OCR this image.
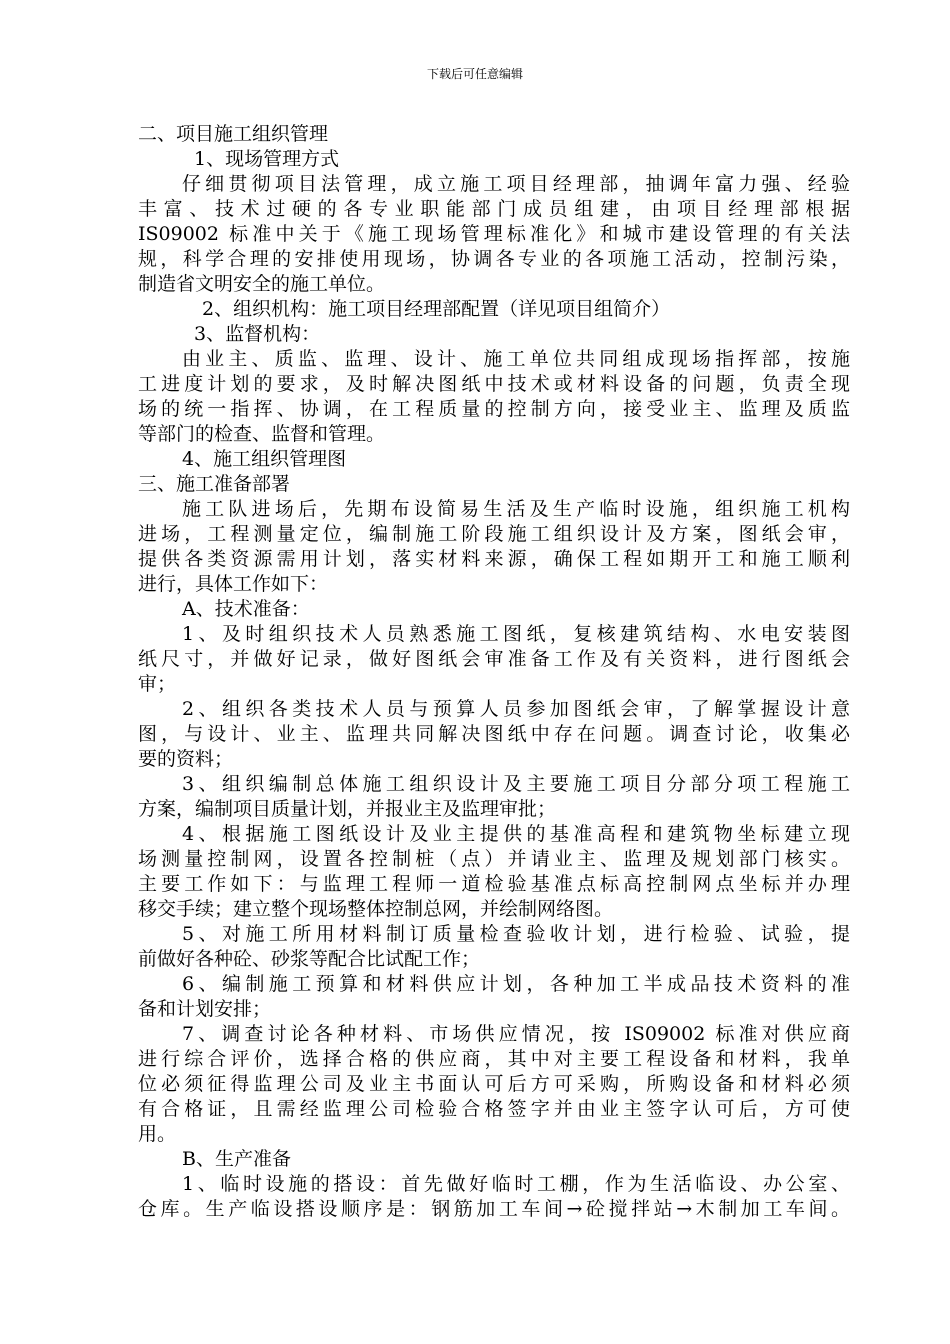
下载后可任意编辑
二、项目施工组织管理
1、现场管理方式
仔细贯彻项目法管理，成立施工项目经理部，抽调年富力强、经验
丰富、技术过硬的各专业职能部门成员组建，由项目经理部根据
IS09002 标准中关于《施工现场管理标准化》和城市建设管理的有关法
规，科学合理的安排使用现场，协调各专业的各项施工活动，控制污染，
制造省文明安全的施工单位。
2、组织机构：施工项目经理部配置（详见项目组简介）
3、监督机构：
由业主、质监、监理、设计、施工单位共同组成现场指挥部，按施
工进度计划的要求，及时解决图纸中技术或材料设备的问题，负责全现
场的统一指挥、协调，在工程质量的控制方向，接受业主、监理及质监
等部门的检查、监督和管理。
4、施工组织管理图
三、施工准备部署
施工队进场后，先期布设简易生活及生产临时设施，组织施工机构
进场，工程测量定位，编制施工阶段施工组织设计及方案，图纸会审，
提供各类资源需用计划，落实材料来源，确保工程如期开工和施工顺利
进行，具体工作如下：
A、技术准备：
1、及时组织技术人员熟悉施工图纸，复核建筑结构、水电安装图
纸尺寸，并做好记录，做好图纸会审准备工作及有关资料，进行图纸会
审；
2、组织各类技术人员与预算人员参加图纸会审，了解掌握设计意
图，与设计、业主、监理共同解决图纸中存在问题。调查讨论，收集必
要的资料；
3、组织编制总体施工组织设计及主要施工项目分部分项工程施工
方案，编制项目质量计划，并报业主及监理审批；
4、根据施工图纸设计及业主提供的基准高程和建筑物坐标建立现
场测量控制网，设置各控制桩（点）并请业主、监理及规划部门核实。
主要工作如下：与监理工程师一道检验基准点标高控制网点坐标并办理
移交手续；建立整个现场整体控制总网，并绘制网络图。
5、对施工所用材料制订质量检查验收计划，进行检验、试验，提
前做好各种砼、砂浆等配合比试配工作；
6、编制施工预算和材料供应计划，各种加工半成品技术资料的准
备和计划安排；
7、调查讨论各种材料、市场供应情况，按 IS09002 标准对供应商
进行综合评价，选择合格的供应商，其中对主要工程设备和材料，我单
位必须征得监理公司及业主书面认可后方可采购，所购设备和材料必须
有合格证，且需经监理公司检验合格签字并由业主签字认可后，方可使
用。
B、生产准备
1、临时设施的搭设：首先做好临时工棚，作为生活临设、办公室、
仓库。生产临设搭设顺序是：钢筋加工车间→砼搅拌站→木制加工车间。
